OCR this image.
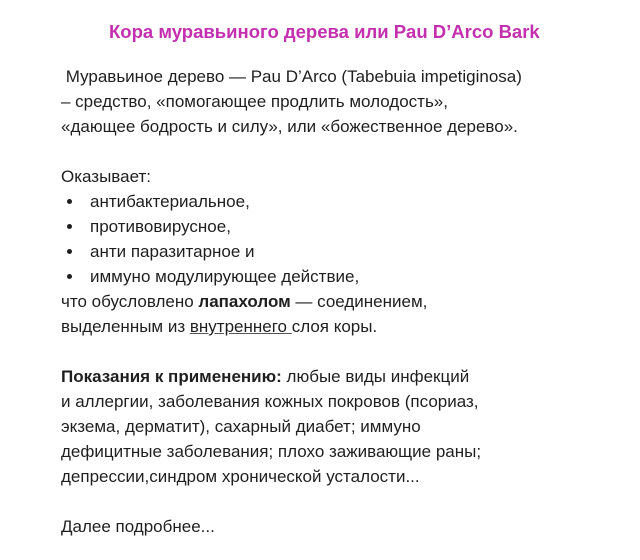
Кора муравьиного дерева или Pau D’Arco Bark
Муравьиное дерево — Pau D’Arco (Tabebuia impetiginosa)
– средство, «помогающее продлить молодость»,
«дающее бодрость и силу», или «божественное дерево».
Оказывает:
антибактериальное,
противовирусное,
анти паразитарное и
иммуно модулирующее действие,
что обусловлено лапахолом — соединением,
выделенным из внутреннего слоя коры.
Показания к применению: любые виды инфекций
и аллергии, заболевания кожных покровов (псориаз,
экзема, дерматит), сахарный диабет; иммуно
дефицитные заболевания; плохо заживающие раны;
депрессии,синдром хронической усталости...
Далее подробнее...
